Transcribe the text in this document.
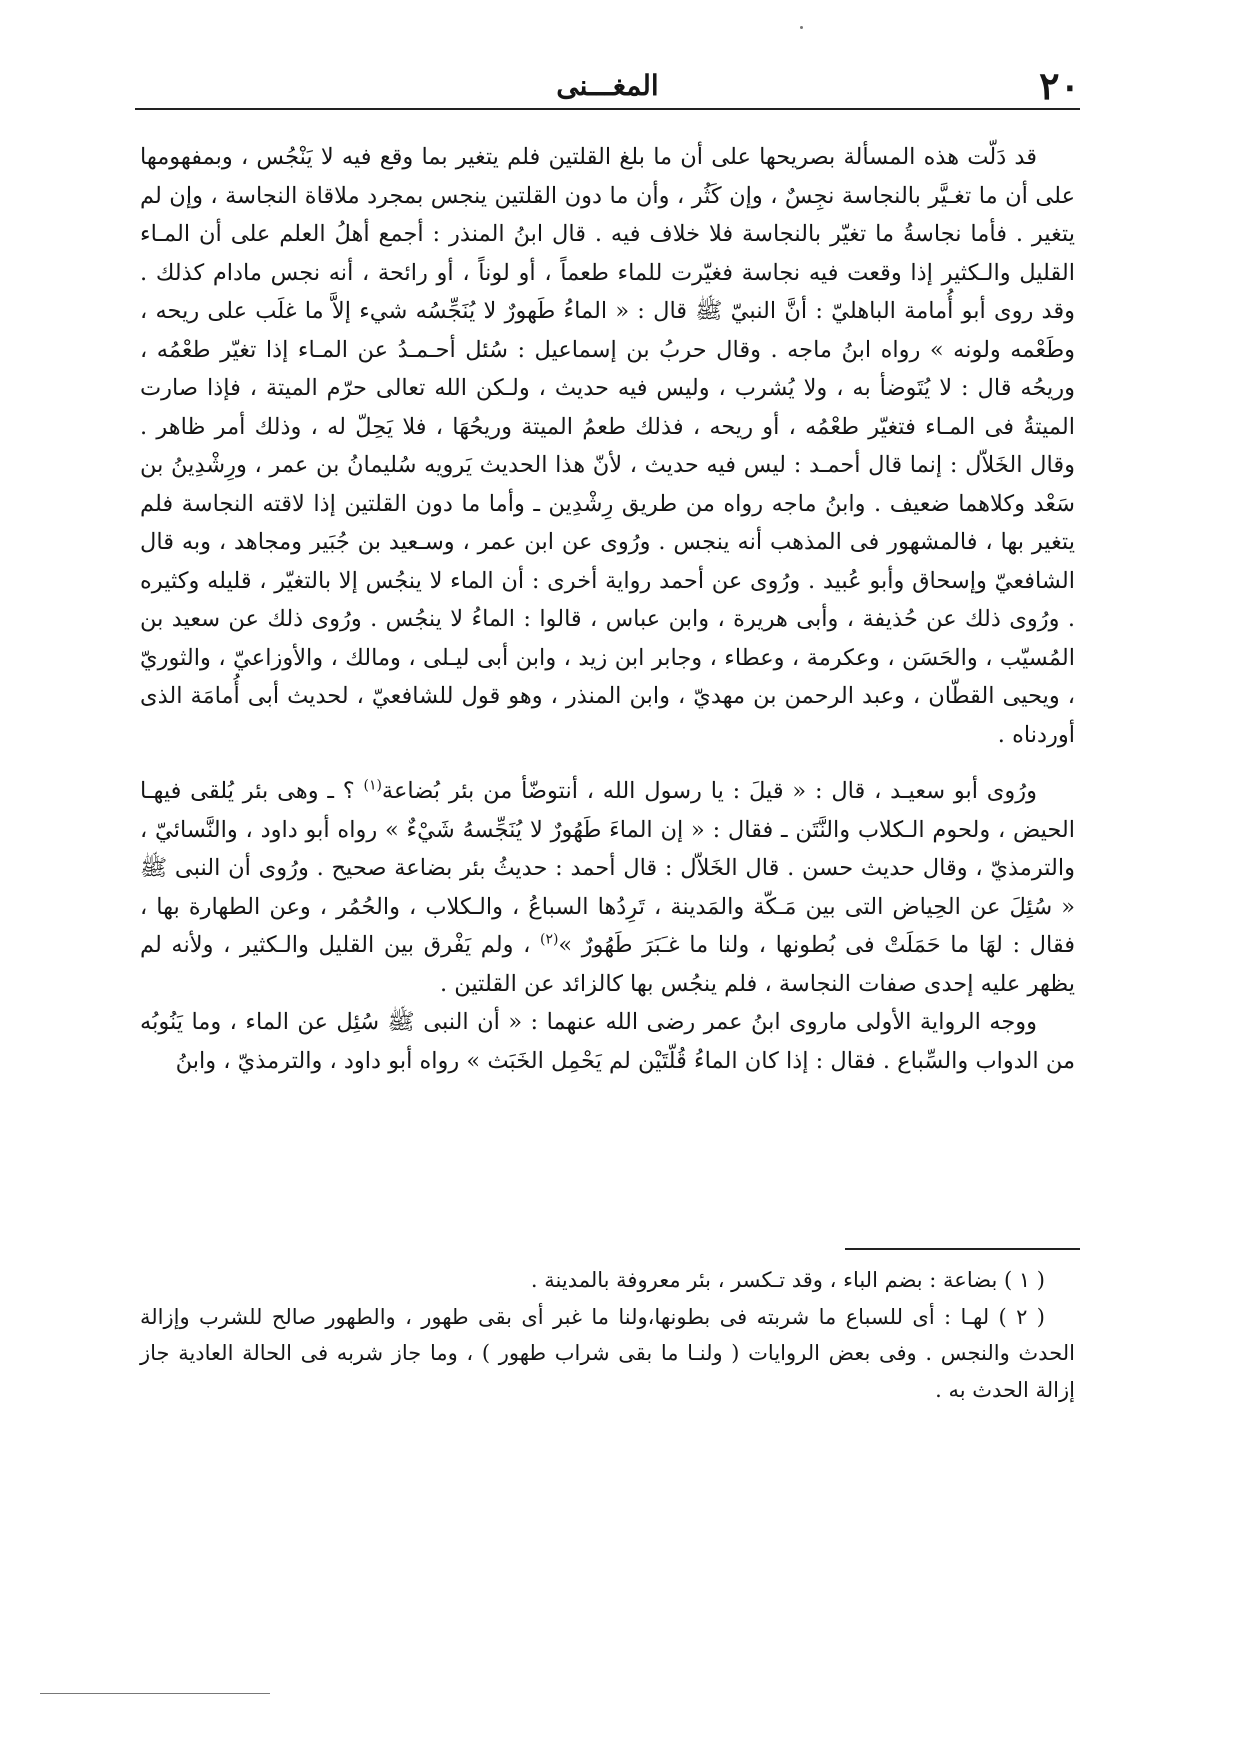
٢٠
المغـــنى

قد دَلّت هذه المسألة بصريحها على أن ما بلغ القلتين فلم يتغير بما وقع فيه لا يَنْجُس ، وبمفهومها على أن ما تغـيَّر بالنجاسة نجِسٌ ، وإن كَثُر ، وأن ما دون القلتين ينجس بمجرد ملاقاة النجاسة ، وإن لم يتغير . فأما نجاسةُ ما تغيّر بالنجاسة فلا خلاف فيه . قال ابنُ المنذر : أجمع أهلُ العلم على أن المـاء القليل والـكثير إذا وقعت فيه نجاسة فغيّرت للماء طعماً ، أو لوناً ، أو رائحة ، أنه نجس مادام كذلك . وقد روى أبو أُمامة الباهليّ : أنَّ النبيّ ﷺ قال : « الماءُ طَهورٌ لا يُنَجِّسُه شيء إلاَّ ما غلَب على ريحه ، وطَعْمه ولونه » رواه ابنُ ماجه . وقال حربُ بن إسماعيل : سُئل أحـمـدُ عن المـاء إذا تغيّر طعْمُه ، وريحُه قال : لا يُتَوضأ به ، ولا يُشرب ، وليس فيه حديث ، ولـكن الله تعالى حرّم الميتة ، فإذا صارت الميتةُ فى المـاء فتغيّر طعْمُه ، أو ريحه ، فذلك طعمُ الميتة وريحُهَا ، فلا يَحِلّ له ، وذلك أمر ظاهر . وقال الخَلاّل : إنما قال أحمـد : ليس فيه حديث ، لأنّ هذا الحديث يَرويه سُليمانُ بن عمر ، ورِشْدِينُ بن سَعْد وكلاهما ضعيف . وابنُ ماجه رواه من طريق رِشْدِين ـ وأما ما دون القلتين إذا لاقته النجاسة فلم يتغير بها ، فالمشهور فى المذهب أنه ينجس . ورُوى عن ابن عمر ، وسـعيد بن جُبَير ومجاهد ، وبه قال الشافعيّ وإسحاق وأبو عُبيد . ورُوى عن أحمد رواية أخرى : أن الماء لا ينجُس إلا بالتغيّر ، قليله وكثيره . ورُوى ذلك عن حُذيفة ، وأبى هريرة ، وابن عباس ، قالوا : الماءُ لا ينجُس . ورُوى ذلك عن سعيد بن المُسيّب ، والحَسَن ، وعكرمة ، وعطاء ، وجابر ابن زيد ، وابن أبى ليـلى ، ومالك ، والأوزاعيّ ، والثوريّ ، ويحيى القطّان ، وعبد الرحمن بن مهديّ ، وابن المنذر ، وهو قول للشافعيّ ، لحديث أبى أُمامَة الذى أوردناه .

ورُوى أبو سعيـد ، قال : « قيلَ : يا رسول الله ، أنتوضّأ من بئر بُضاعة$^{(١)}$ ؟ ـ وهى بئر يُلقى فيهـا الحيض ، ولحوم الـكلاب والنَّتَن ـ فقال : « إن الماءَ طَهُورٌ لا يُنَجِّسهُ شَيْءٌ » رواه أبو داود ، والنَّسائيّ ، والترمذيّ ، وقال حديث حسن . قال الخَلاّل : قال أحمد : حديثُ بئر بضاعة صحيح . ورُوى أن النبى ﷺ « سُئِلَ عن الحِياض التى بين مَـكّة والمَدينة ، تَرِدُها السباعُ ، والـكلاب ، والحُمُر ، وعن الطهارة بها ، فقال : لهَا ما حَمَلَتْ فى بُطونها ، ولنا ما غـَبَرَ طَهُورٌ »$^{(٢)}$ ، ولم يَفْرق بين القليل والـكثير ، ولأنه لم يظهر عليه إحدى صفات النجاسة ، فلم ينجُس بها كالزائد عن القلتين .

ووجه الرواية الأولى ماروى ابنُ عمر رضى الله عنهما : « أن النبى ﷺ سُئِل عن الماء ، وما يَنُوبُه من الدواب والسِّباع . فقال : إذا كان الماءُ قُلّتَيْن لم يَحْمِل الخَبَث » رواه أبو داود ، والترمذيّ ، وابنُ

( ١ ) بضاعة : بضم الباء ، وقد تـكسر ، بئر معروفة بالمدينة .

( ٢ ) لهـا : أى للسباع ما شربته فى بطونها،ولنا ما غبر أى بقى طهور ، والطهور صالح للشرب وإزالة الحدث والنجس . وفى بعض الروايات ( ولنـا ما بقى شراب طهور ) ، وما جاز شربه فى الحالة العادية جاز إزالة الحدث به .
